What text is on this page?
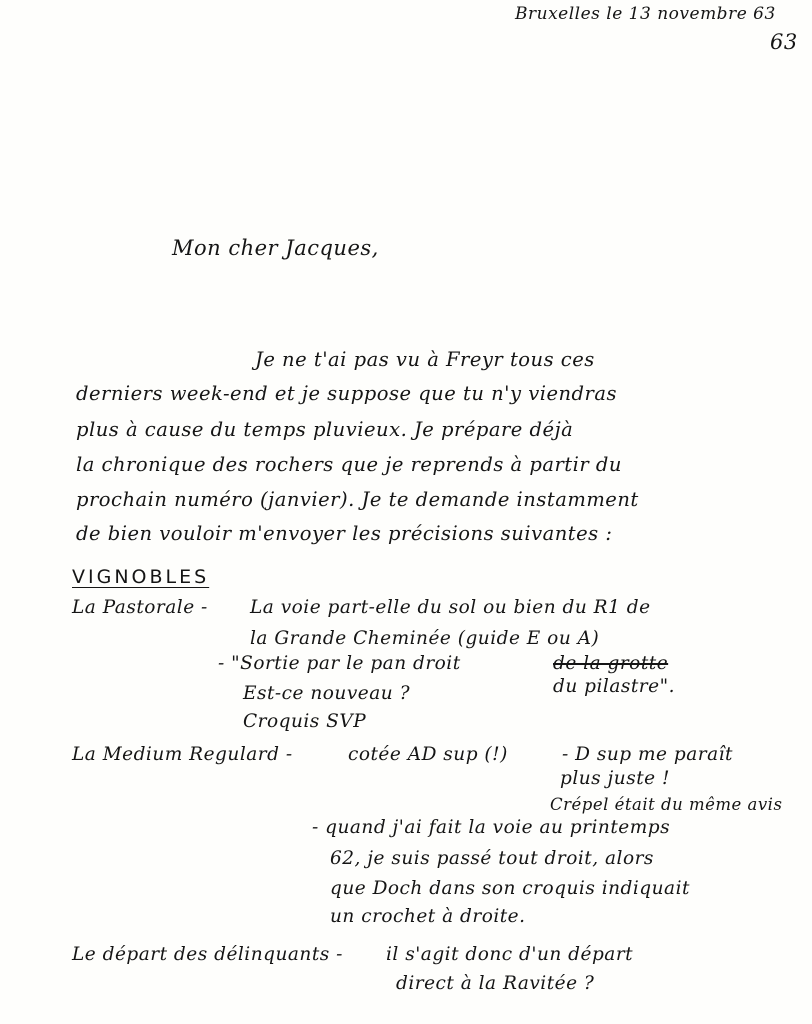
Bruxelles le 13 novembre 63
63
Mon cher Jacques,
Je ne t'ai pas vu à Freyr tous ces
derniers week-end et je suppose que tu n'y viendras
plus à cause du temps pluvieux. Je prépare déjà
la chronique des rochers que je reprends à partir du
prochain numéro (janvier). Je te demande instamment
de bien vouloir m'envoyer les précisions suivantes :
VIGNOBLES
La Pastorale - La voie part-elle du sol ou bien du R1 de
la Grande Cheminée (guide E ou A)
- "Sortie par le pan droit	de la grotte
du pilastre".
Est-ce nouveau ?
Croquis SVP
La Medium Regulard -	cotée AD sup (!)	- D sup me paraît
plus juste !
Crépel était du même avis
- quand j'ai fait la voie au printemps
62, je suis passé tout droit, alors
que Doch dans son croquis indiquait
un crochet à droite.
Le départ des délinquants - il s'agit donc d'un départ
direct à la Ravitée ?
